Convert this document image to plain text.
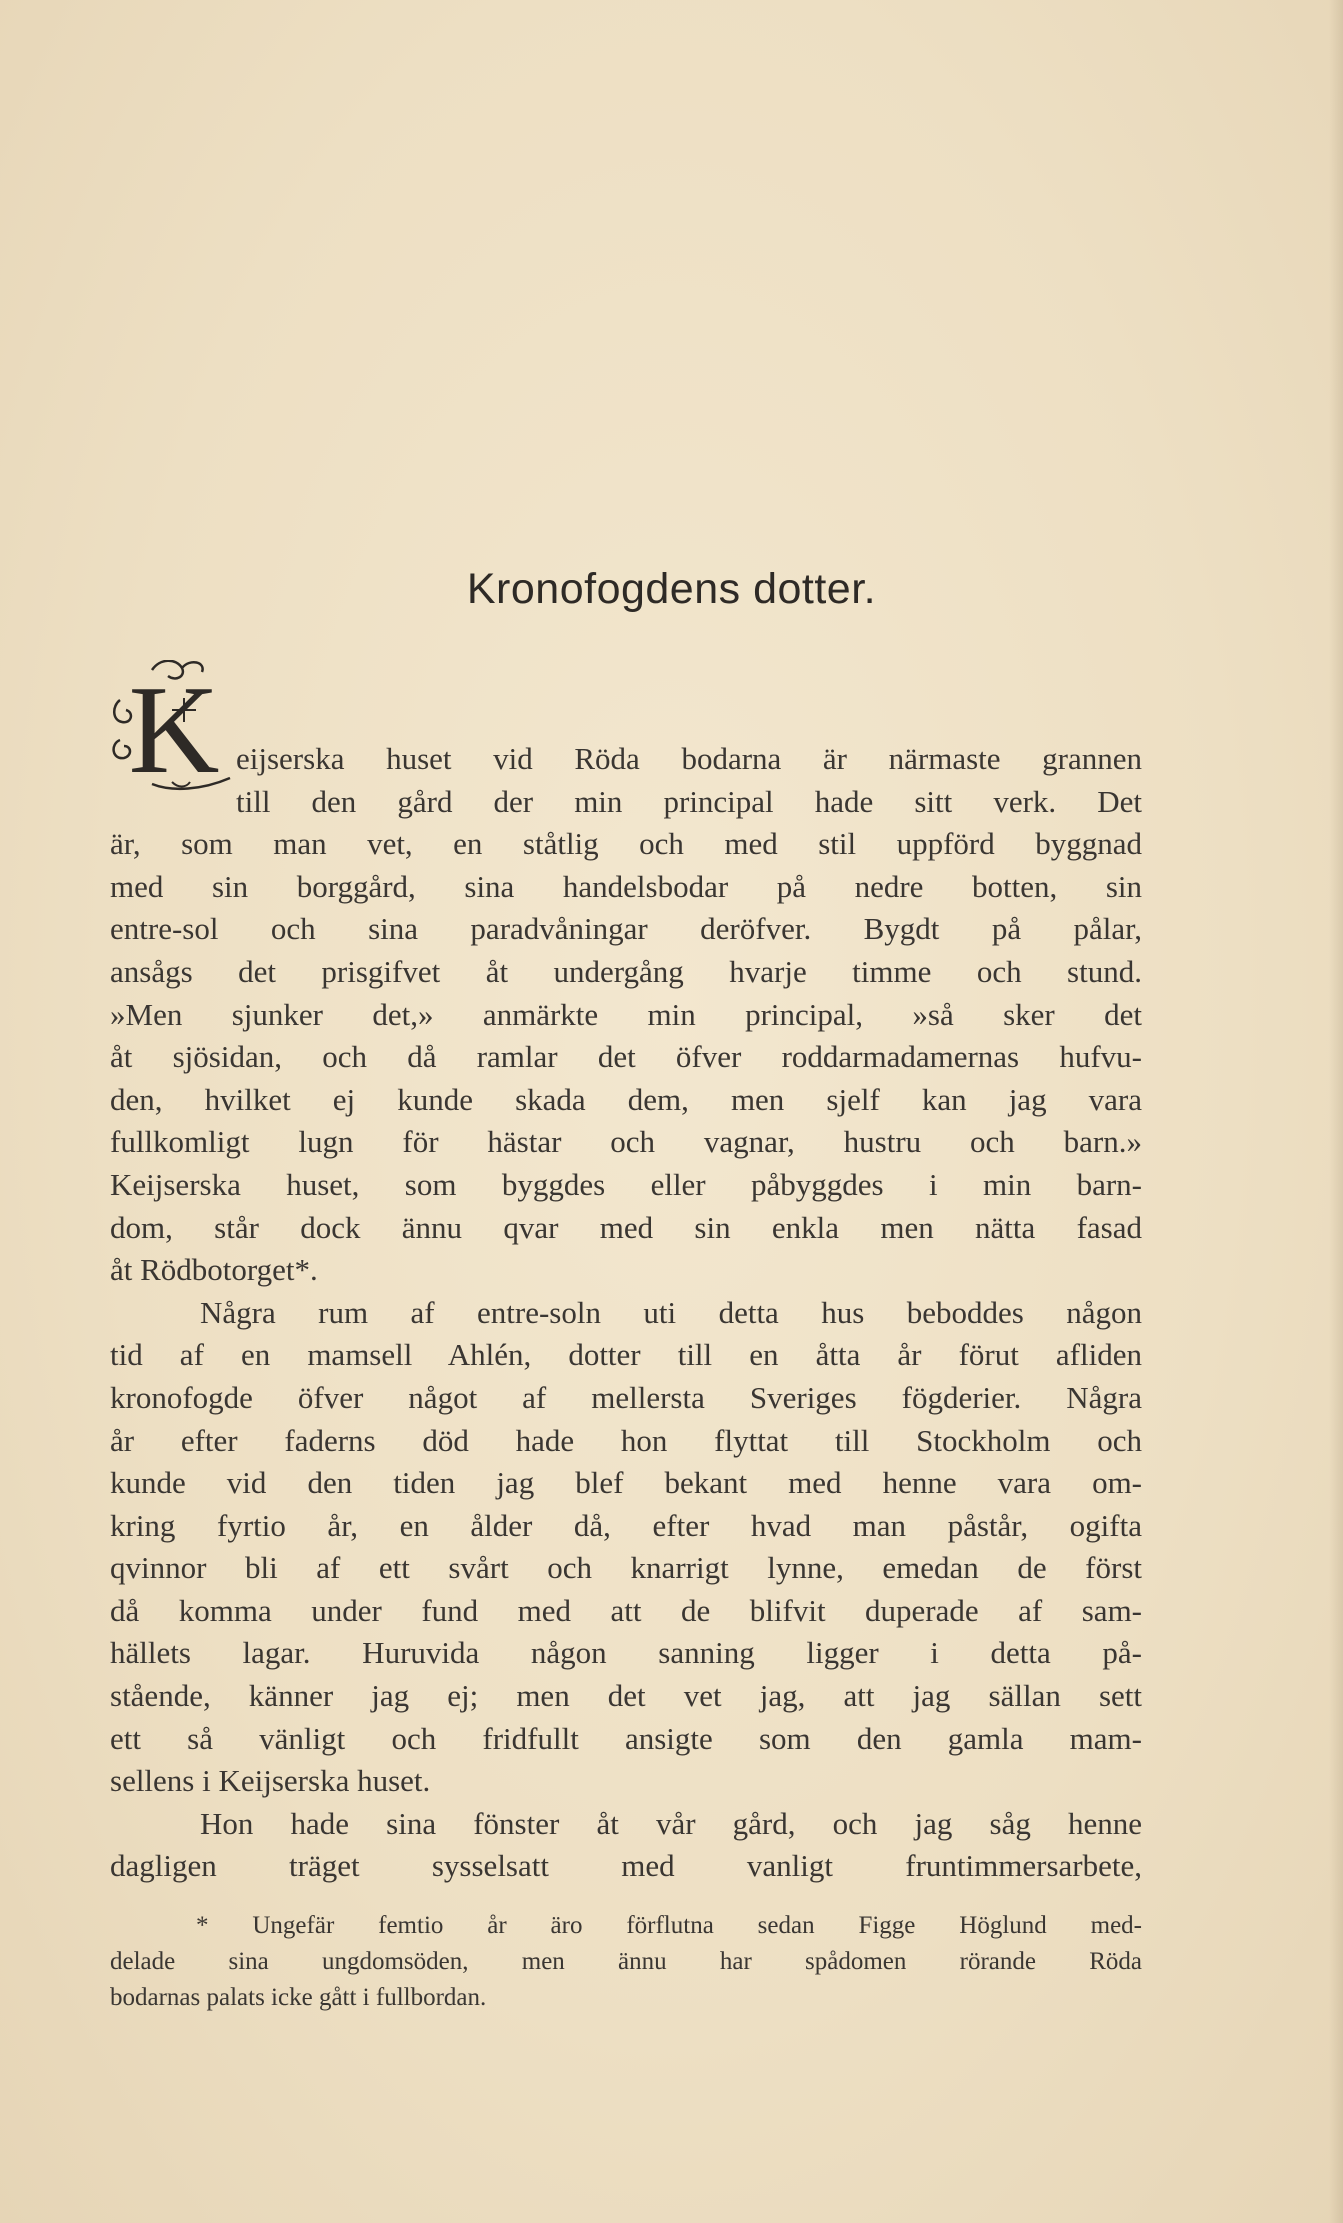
Kronofogdens dotter.
K eijserska huset vid Röda bodarna är närmaste grannen
till den gård der min principal hade sitt verk. Det
är, som man vet, en ståtlig och med stil uppförd byggnad
med sin borggård, sina handelsbodar på nedre botten, sin
entre-sol och sina paradvåningar deröfver. Bygdt på pålar,
ansågs det prisgifvet åt undergång hvarje timme och stund.
»Men sjunker det,» anmärkte min principal, »så sker det
åt sjösidan, och då ramlar det öfver roddarmadamernas hufvu-
den, hvilket ej kunde skada dem, men sjelf kan jag vara
fullkomligt lugn för hästar och vagnar, hustru och barn.»
Keijserska huset, som byggdes eller påbyggdes i min barn-
dom, står dock ännu qvar med sin enkla men nätta fasad
åt Rödbotorget*.
Några rum af entre-soln uti detta hus beboddes någon
tid af en mamsell Ahlén, dotter till en åtta år förut afliden
kronofogde öfver något af mellersta Sveriges fögderier. Några
år efter faderns död hade hon flyttat till Stockholm och
kunde vid den tiden jag blef bekant med henne vara om-
kring fyrtio år, en ålder då, efter hvad man påstår, ogifta
qvinnor bli af ett svårt och knarrigt lynne, emedan de först
då komma under fund med att de blifvit duperade af sam-
hällets lagar. Huruvida någon sanning ligger i detta på-
stående, känner jag ej; men det vet jag, att jag sällan sett
ett så vänligt och fridfullt ansigte som den gamla mam-
sellens i Keijserska huset.
Hon hade sina fönster åt vår gård, och jag såg henne
dagligen träget sysselsatt med vanligt fruntimmersarbete,
* Ungefär femtio år äro förflutna sedan Figge Höglund med-
delade sina ungdomsöden, men ännu har spådomen rörande Röda
bodarnas palats icke gått i fullbordan.
